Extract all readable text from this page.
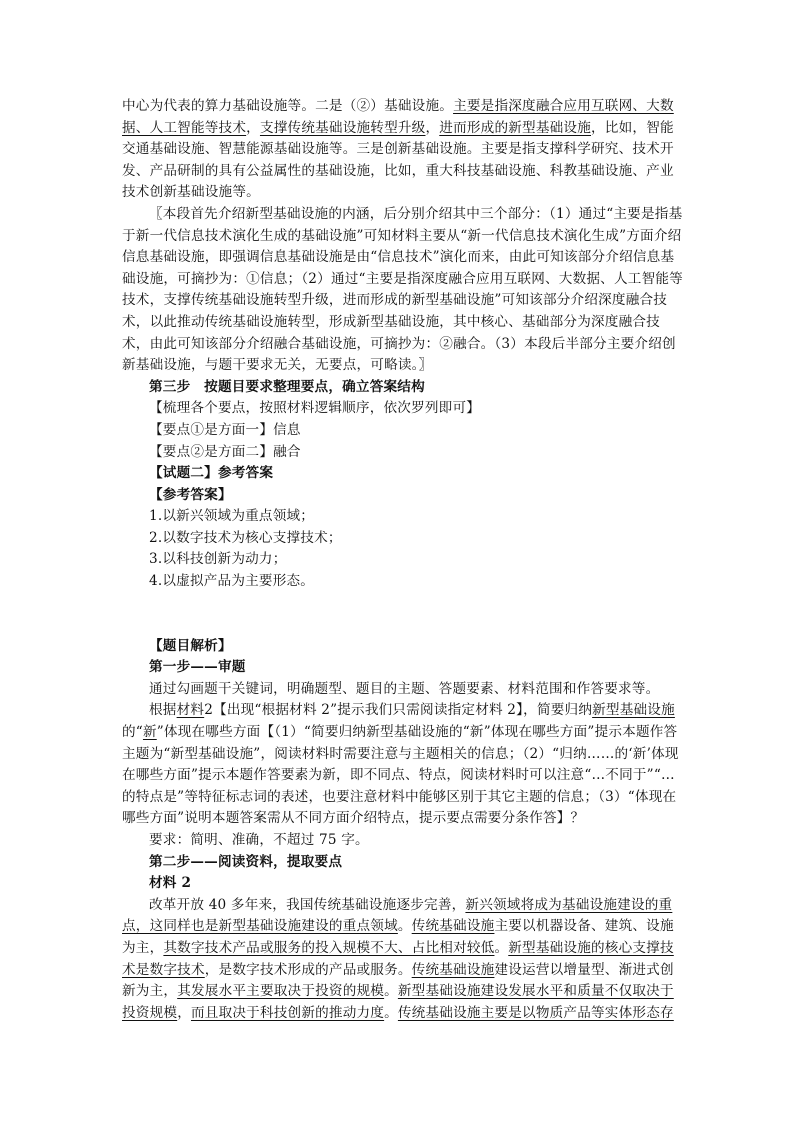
中心为代表的算力基础设施等。二是（②）基础设施。主要是指深度融合应用互联网、大数据、人工智能等技术，支撑传统基础设施转型升级，进而形成的新型基础设施，比如，智能交通基础设施、智慧能源基础设施等。三是创新基础设施。主要是指支撑科学研究、技术开发、产品研制的具有公益属性的基础设施，比如，重大科技基础设施、科教基础设施、产业技术创新基础设施等。

〖本段首先介绍新型基础设施的内涵，后分别介绍其中三个部分：（1）通过“主要是指基于新一代信息技术演化生成的基础设施”可知材料主要从“新一代信息技术演化生成”方面介绍信息基础设施，即强调信息基础设施是由“信息技术”演化而来，由此可知该部分介绍信息基础设施，可摘抄为：①信息；（2）通过“主要是指深度融合应用互联网、大数据、人工智能等技术，支撑传统基础设施转型升级，进而形成的新型基础设施”可知该部分介绍深度融合技术，以此推动传统基础设施转型，形成新型基础设施，其中核心、基础部分为深度融合技术，由此可知该部分介绍融合基础设施，可摘抄为：②融合。（3）本段后半部分主要介绍创新基础设施，与题干要求无关，无要点，可略读。〗

第三步　按题目要求整理要点，确立答案结构

【梳理各个要点，按照材料逻辑顺序，依次罗列即可】

【要点①是方面一】信息

【要点②是方面二】融合

【试题二】参考答案

【参考答案】

1.以新兴领域为重点领域；

2.以数字技术为核心支撑技术；

3.以科技创新为动力；

4.以虚拟产品为主要形态。

【题目解析】

第一步——审题

通过勾画题干关键词，明确题型、题目的主题、答题要素、材料范围和作答要求等。

根据材料2【出现“根据材料 2”提示我们只需阅读指定材料 2】，简要归纳新型基础设施的“新”体现在哪些方面【（1）“简要归纳新型基础设施的“新”体现在哪些方面”提示本题作答主题为“新型基础设施”，阅读材料时需要注意与主题相关的信息；（2）“归纳……的‘新’体现在哪些方面”提示本题作答要素为新，即不同点、特点，阅读材料时可以注意“…不同于”“…的特点是”等特征标志词的表述，也要注意材料中能够区别于其它主题的信息；（3）“体现在哪些方面”说明本题答案需从不同方面介绍特点，提示要点需要分条作答】？

要求：简明、准确，不超过 75 字。

第二步——阅读资料，提取要点

材料 2

改革开放 40 多年来，我国传统基础设施逐步完善，新兴领域将成为基础设施建设的重点，这同样也是新型基础设施建设的重点领域。传统基础设施主要以机器设备、建筑、设施为主，其数字技术产品或服务的投入规模不大、占比相对较低。新型基础设施的核心支撑技术是数字技术，是数字技术形成的产品或服务。传统基础设施建设运营以增量型、渐进式创新为主，其发展水平主要取决于投资的规模。新型基础设施建设发展水平和质量不仅取决于投资规模，而且取决于科技创新的推动力度。传统基础设施主要是以物质产品等实体形态存
